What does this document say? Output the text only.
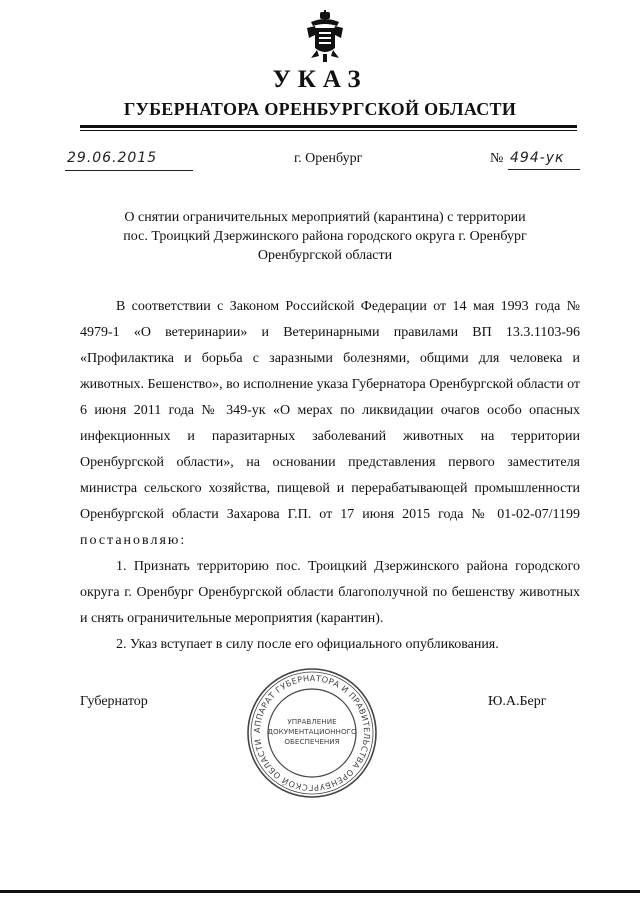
УКАЗ
ГУБЕРНАТОРА ОРЕНБУРГСКОЙ ОБЛАСТИ
29.06.2015	г. Оренбург	№ 494-ук
О снятии ограничительных мероприятий (карантина) с территории
пос. Троицкий Дзержинского района городского округа г. Оренбург
Оренбургской области

В соответствии с Законом Российской Федерации от 14 мая 1993 года № 4979-1 «О ветеринарии» и Ветеринарными правилами ВП 13.3.1103-96 «Профилактика и борьба с заразными болезнями, общими для человека и животных. Бешенство», во исполнение указа Губернатора Оренбургской области от 6 июня 2011 года № 349-ук «О мерах по ликвидации очагов особо опасных инфекционных и паразитарных заболеваний животных на территории Оренбургской области», на основании представления первого заместителя министра сельского хозяйства, пищевой и перерабатывающей промышленности Оренбургской области Захарова Г.П. от 17 июня 2015 года № 01-02-07/1199 постановляю:

1. Признать территорию пос. Троицкий Дзержинского района городского округа г. Оренбург Оренбургской области благополучной по бешенству животных и снять ограничительные мероприятия (карантин).

2. Указ вступает в силу после его официального опубликования.

Губернатор	Ю.А.Берг
АППАРАТ ГУБЕРНАТОРА И ПРАВИТЕЛЬСТВА ОРЕНБУРГСКОЙ ОБЛАСТИ
УПРАВЛЕНИЕ
ДОКУМЕНТАЦИОННОГО
ОБЕСПЕЧЕНИЯ
